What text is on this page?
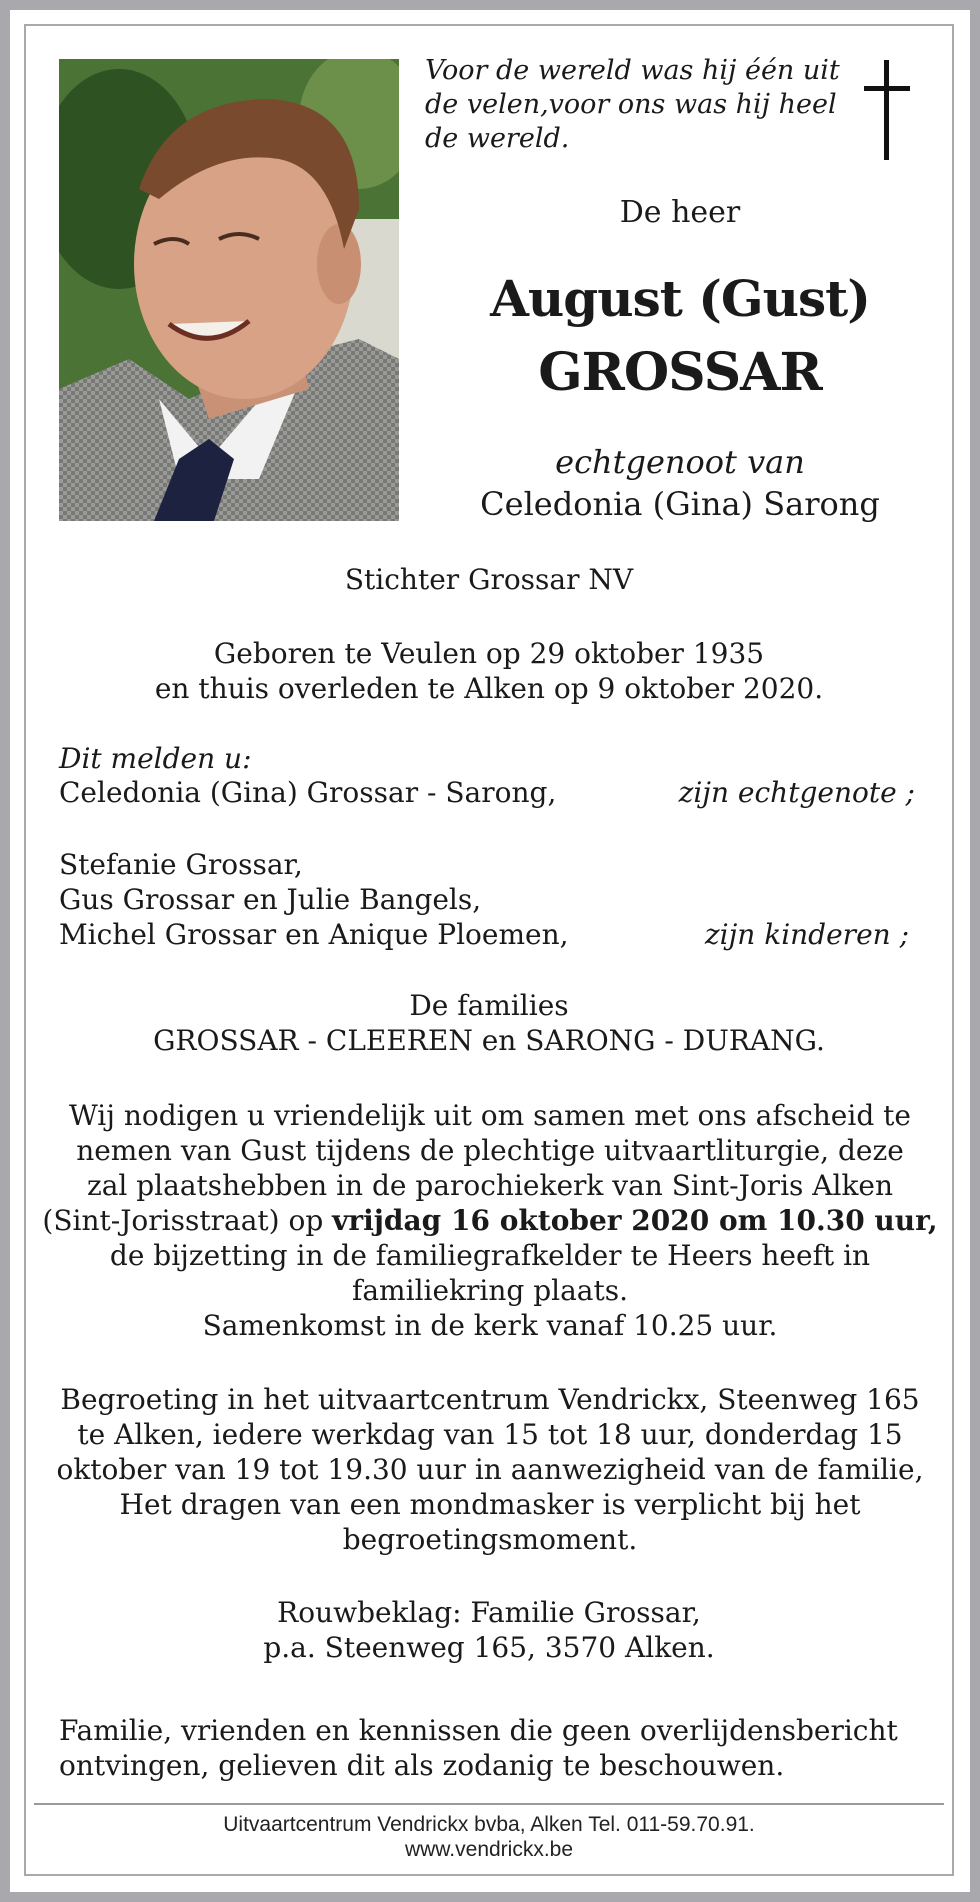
Voor de wereld was hij één uit de velen,voor ons was hij heel de wereld.
De heer
August (Gust)
GROSSAR
echtgenoot van
Celedonia (Gina) Sarong
Stichter Grossar NV
Geboren te Veulen op 29 oktober 1935
en thuis overleden te Alken op 9 oktober 2020.
Dit melden u:
Celedonia (Gina) Grossar - Sarong,	zijn echtgenote ;
Stefanie Grossar,
Gus Grossar en Julie Bangels,
Michel Grossar en Anique Ploemen,	zijn kinderen ;
De families
GROSSAR - CLEEREN en SARONG - DURANG.
Wij nodigen u vriendelijk uit om samen met ons afscheid te
nemen van Gust tijdens de plechtige uitvaartliturgie, deze
zal plaatshebben in de parochiekerk van Sint-Joris Alken
(Sint-Jorisstraat) op vrijdag 16 oktober 2020 om 10.30 uur,
de bijzetting in de familiegrafkelder te Heers heeft in
familiekring plaats.
Samenkomst in de kerk vanaf 10.25 uur.
Begroeting in het uitvaartcentrum Vendrickx, Steenweg 165
te Alken, iedere werkdag van 15 tot 18 uur, donderdag 15
oktober van 19 tot 19.30 uur in aanwezigheid van de familie,
Het dragen van een mondmasker is verplicht bij het
begroetingsmoment.
Rouwbeklag: Familie Grossar,
p.a. Steenweg 165, 3570 Alken.
Familie, vrienden en kennissen die geen overlijdensbericht
ontvingen, gelieven dit als zodanig te beschouwen.
Uitvaartcentrum Vendrickx bvba, Alken Tel. 011-59.70.91.
www.vendrickx.be
